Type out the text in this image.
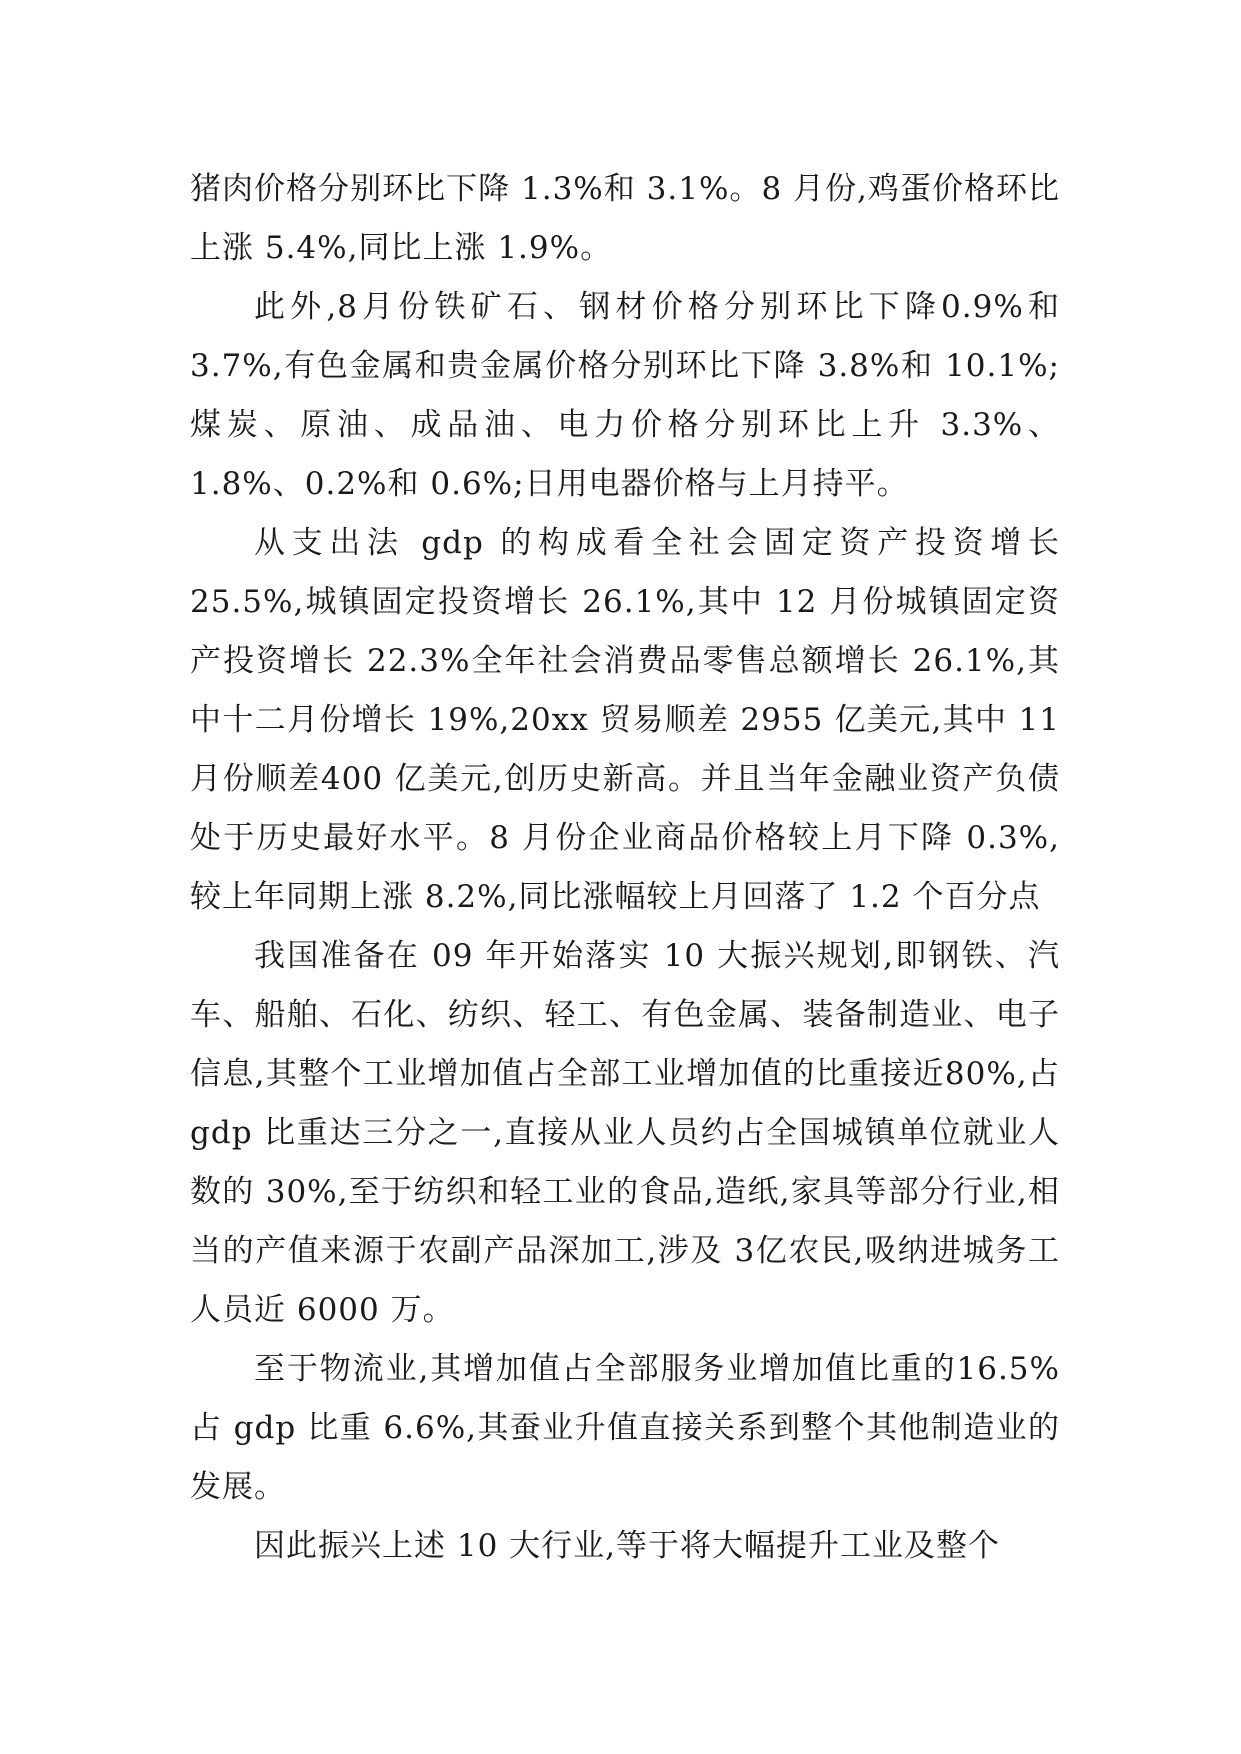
猪肉价格分别环比下降 1.3%和 3.1%。8 月份,鸡蛋价格环比上涨 5.4%,同比上涨 1.9%。

此外,8月份铁矿石、钢材价格分别环比下降0.9%和 3.7%,有色金属和贵金属价格分别环比下降 3.8%和 10.1%;煤炭、原油、成品油、电力价格分别环比上升 3.3%、1.8%、0.2%和 0.6%;日用电器价格与上月持平。

从支出法 gdp 的构成看全社会固定资产投资增长 25.5%,城镇固定投资增长 26.1%,其中 12 月份城镇固定资产投资增长 22.3%全年社会消费品零售总额增长 26.1%,其中十二月份增长 19%,20xx 贸易顺差 2955 亿美元,其中 11 月份顺差400 亿美元,创历史新高。并且当年金融业资产负债处于历史最好水平。8 月份企业商品价格较上月下降 0.3%,较上年同期上涨 8.2%,同比涨幅较上月回落了 1.2 个百分点

我国准备在 09 年开始落实 10 大振兴规划,即钢铁、汽车、船舶、石化、纺织、轻工、有色金属、装备制造业、电子信息,其整个工业增加值占全部工业增加值的比重接近80%,占 gdp 比重达三分之一,直接从业人员约占全国城镇单位就业人数的 30%,至于纺织和轻工业的食品,造纸,家具等部分行业,相当的产值来源于农副产品深加工,涉及 3亿农民,吸纳进城务工人员近 6000 万。

至于物流业,其增加值占全部服务业增加值比重的16.5%占 gdp 比重 6.6%,其蚕业升值直接关系到整个其他制造业的发展。

因此振兴上述 10 大行业,等于将大幅提升工业及整个
